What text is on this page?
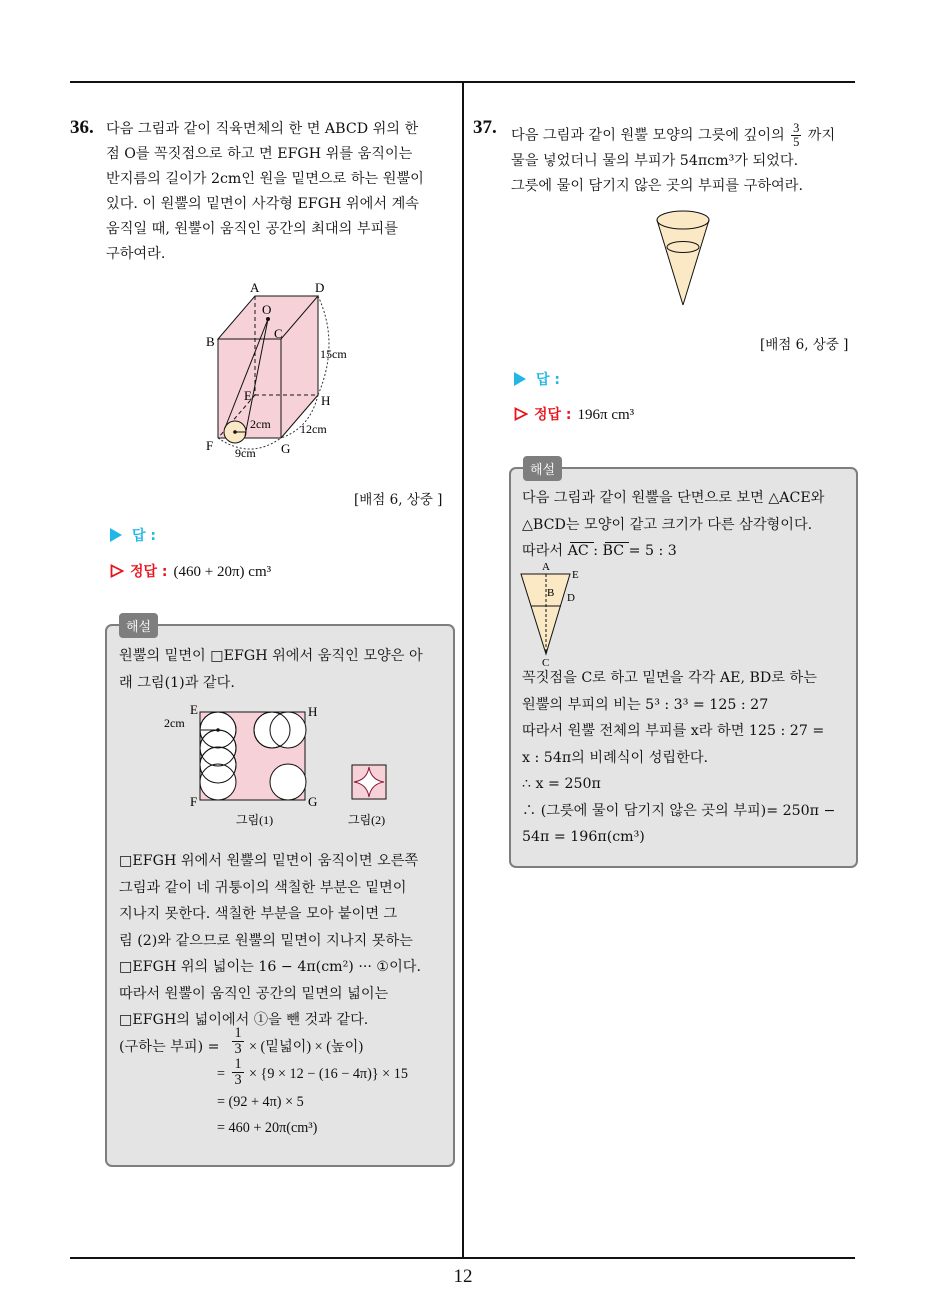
36. 다음 그림과 같이 직육면체의 한 면 ABCD 위의 한

점 O를 꼭짓점으로 하고 면 EFGH 위를 움직이는

반지름의 길이가 2cm인 원을 밑면으로 하는 원뿔이

있다. 이 원뿔의 밑면이 사각형 EFGH 위에서 계속

움직일 때, 원뿔이 움직인 공간의 최대의 부피를

구하여라.

A	D
O
B
C
E	H
F	G
15cm
2cm 12cm
9cm
[배점 6, 상중 ]
답 :
정답 : (460 + 20π) cm³
해설

원뿔의 밑면이 □EFGH 위에서 움직인 모양은 아

래 그림(1)과 같다.

E	H
F	G
2cm
그림(1)	그림(2)

□EFGH 위에서 원뿔의 밑면이 움직이면 오른쪽

그림과 같이 네 귀퉁이의 색칠한 부분은 밑면이

지나지 못한다. 색칠한 부분을 모아 붙이면 그

림 (2)와 같으므로 원뿔의 밑면이 지나지 못하는

□EFGH 위의 넓이는 16 − 4π(cm²) ··· ①이다.

따라서 원뿔이 움직인 공간의 밑면의 넓이는

□EFGH의 넓이에서 ①을 뺀 것과 같다.

(구하는 부피) =
1
3 × (밑넓이) × (높이)
=
1
3 × {9 × 12 − (16 − 4π)} × 15
= (92 + 4π) × 5
= 460 + 20π(cm³)
37. 다음 그림과 같이 원뿔 모양의 그릇에 깊이의 $\frac{3}{5}$ 까지

물을 넣었더니 물의 부피가 54πcm³가 되었다.

그릇에 물이 담기지 않은 곳의 부피를 구하여라.

[배점 6, 상중 ]
답 :
정답 : 196π cm³
해설

다음 그림과 같이 원뿔을 단면으로 보면 △ACE와

△BCD는 모양이 같고 크기가 다른 삼각형이다.

따라서 AC : BC = 5 : 3

A
E
B D
C

꼭짓점을 C로 하고 밑면을 각각 AE, BD로 하는

원뿔의 부피의 비는 5³ : 3³ = 125 : 27

따라서 원뿔 전체의 부피를 x라 하면 125 : 27 =

x : 54π의 비례식이 성립한다.

∴ x = 250π

∴ (그릇에 물이 담기지 않은 곳의 부피)= 250π −

54π = 196π(cm³)

12
